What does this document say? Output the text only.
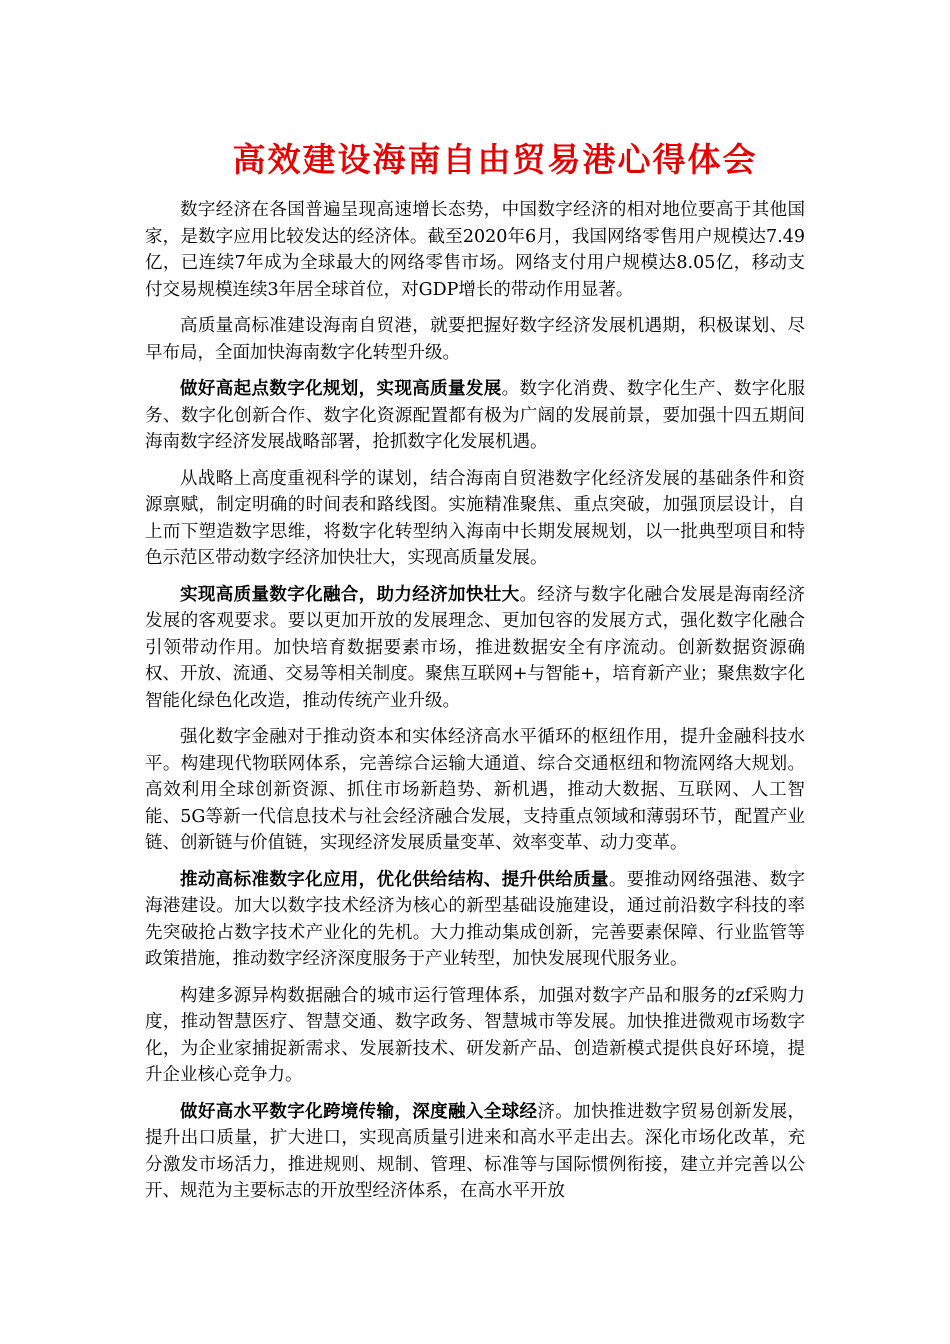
高效建设海南自由贸易港心得体会

数字经济在各国普遍呈现高速增长态势，中国数字经济的相对地位要高于其他国家，是数字应用比较发达的经济体。截至2020年6月，我国网络零售用户规模达7.49亿，已连续7年成为全球最大的网络零售市场。网络支付用户规模达8.05亿，移动支付交易规模连续3年居全球首位，对GDP增长的带动作用显著。

高质量高标准建设海南自贸港，就要把握好数字经济发展机遇期，积极谋划、尽早布局，全面加快海南数字化转型升级。

做好高起点数字化规划，实现高质量发展。数字化消费、数字化生产、数字化服务、数字化创新合作、数字化资源配置都有极为广阔的发展前景，要加强十四五期间海南数字经济发展战略部署，抢抓数字化发展机遇。

从战略上高度重视科学的谋划，结合海南自贸港数字化经济发展的基础条件和资源禀赋，制定明确的时间表和路线图。实施精准聚焦、重点突破，加强顶层设计，自上而下塑造数字思维，将数字化转型纳入海南中长期发展规划，以一批典型项目和特色示范区带动数字经济加快壮大，实现高质量发展。

实现高质量数字化融合，助力经济加快壮大。经济与数字化融合发展是海南经济发展的客观要求。要以更加开放的发展理念、更加包容的发展方式，强化数字化融合引领带动作用。加快培育数据要素市场，推进数据安全有序流动。创新数据资源确权、开放、流通、交易等相关制度。聚焦互联网+与智能+，培育新产业；聚焦数字化智能化绿色化改造，推动传统产业升级。

强化数字金融对于推动资本和实体经济高水平循环的枢纽作用，提升金融科技水平。构建现代物联网体系，完善综合运输大通道、综合交通枢纽和物流网络大规划。高效利用全球创新资源、抓住市场新趋势、新机遇，推动大数据、互联网、人工智能、5G等新一代信息技术与社会经济融合发展，支持重点领域和薄弱环节，配置产业链、创新链与价值链，实现经济发展质量变革、效率变革、动力变革。

推动高标准数字化应用，优化供给结构、提升供给质量。要推动网络强港、数字海港建设。加大以数字技术经济为核心的新型基础设施建设，通过前沿数字科技的率先突破抢占数字技术产业化的先机。大力推动集成创新，完善要素保障、行业监管等政策措施，推动数字经济深度服务于产业转型，加快发展现代服务业。

构建多源异构数据融合的城市运行管理体系，加强对数字产品和服务的zf采购力度，推动智慧医疗、智慧交通、数字政务、智慧城市等发展。加快推进微观市场数字化，为企业家捕捉新需求、发展新技术、研发新产品、创造新模式提供良好环境，提升企业核心竞争力。

做好高水平数字化跨境传输，深度融入全球经济。加快推进数字贸易创新发展，提升出口质量，扩大进口，实现高质量引进来和高水平走出去。深化市场化改革，充分激发市场活力，推进规则、规制、管理、标准等与国际惯例衔接，建立并完善以公开、规范为主要标志的开放型经济体系，在高水平开放
